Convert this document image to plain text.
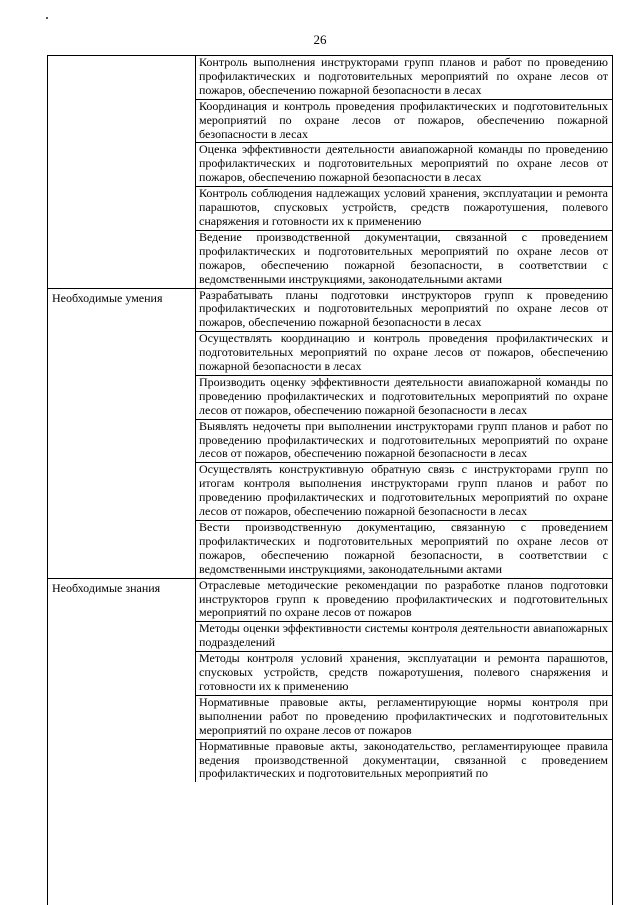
26
Контроль выполнения инструкторами групп планов и работ по проведению профилактических и подготовительных мероприятий по охране лесов от пожаров, обеспечению пожарной безопасности в лесах
Координация и контроль проведения профилактических и подготовительных мероприятий по охране лесов от пожаров, обеспечению пожарной безопасности в лесах
Оценка эффективности деятельности авиапожарной команды по проведению профилактических и подготовительных мероприятий по охране лесов от пожаров, обеспечению пожарной безопасности в лесах
Контроль соблюдения надлежащих условий хранения, эксплуатации и ремонта парашютов, спусковых устройств, средств пожаротушения, полевого снаряжения и готовности их к применению
Ведение производственной документации, связанной с проведением профилактических и подготовительных мероприятий по охране лесов от пожаров, обеспечению пожарной безопасности, в соответствии с ведомственными инструкциями, законодательными актами
Необходимые умения	Разрабатывать планы подготовки инструкторов групп к проведению профилактических и подготовительных мероприятий по охране лесов от пожаров, обеспечению пожарной безопасности в лесах
Осуществлять координацию и контроль проведения профилактических и подготовительных мероприятий по охране лесов от пожаров, обеспечению пожарной безопасности в лесах
Производить оценку эффективности деятельности авиапожарной команды по проведению профилактических и подготовительных мероприятий по охране лесов от пожаров, обеспечению пожарной безопасности в лесах
Выявлять недочеты при выполнении инструкторами групп планов и работ по проведению профилактических и подготовительных мероприятий по охране лесов от пожаров, обеспечению пожарной безопасности в лесах
Осуществлять конструктивную обратную связь с инструкторами групп по итогам контроля выполнения инструкторами групп планов и работ по проведению профилактических и подготовительных мероприятий по охране лесов от пожаров, обеспечению пожарной безопасности в лесах
Вести производственную документацию, связанную с проведением профилактических и подготовительных мероприятий по охране лесов от пожаров, обеспечению пожарной безопасности, в соответствии с ведомственными инструкциями, законодательными актами
Необходимые знания	Отраслевые методические рекомендации по разработке планов подготовки инструкторов групп к проведению профилактических и подготовительных мероприятий по охране лесов от пожаров
Методы оценки эффективности системы контроля деятельности авиапожарных подразделений
Методы контроля условий хранения, эксплуатации и ремонта парашютов, спусковых устройств, средств пожаротушения, полевого снаряжения и готовности их к применению
Нормативные правовые акты, регламентирующие нормы контроля при выполнении работ по проведению профилактических и подготовительных мероприятий по охране лесов от пожаров
Нормативные правовые акты, законодательство, регламентирующее правила ведения производственной документации, связанной с проведением профилактических и подготовительных мероприятий по
